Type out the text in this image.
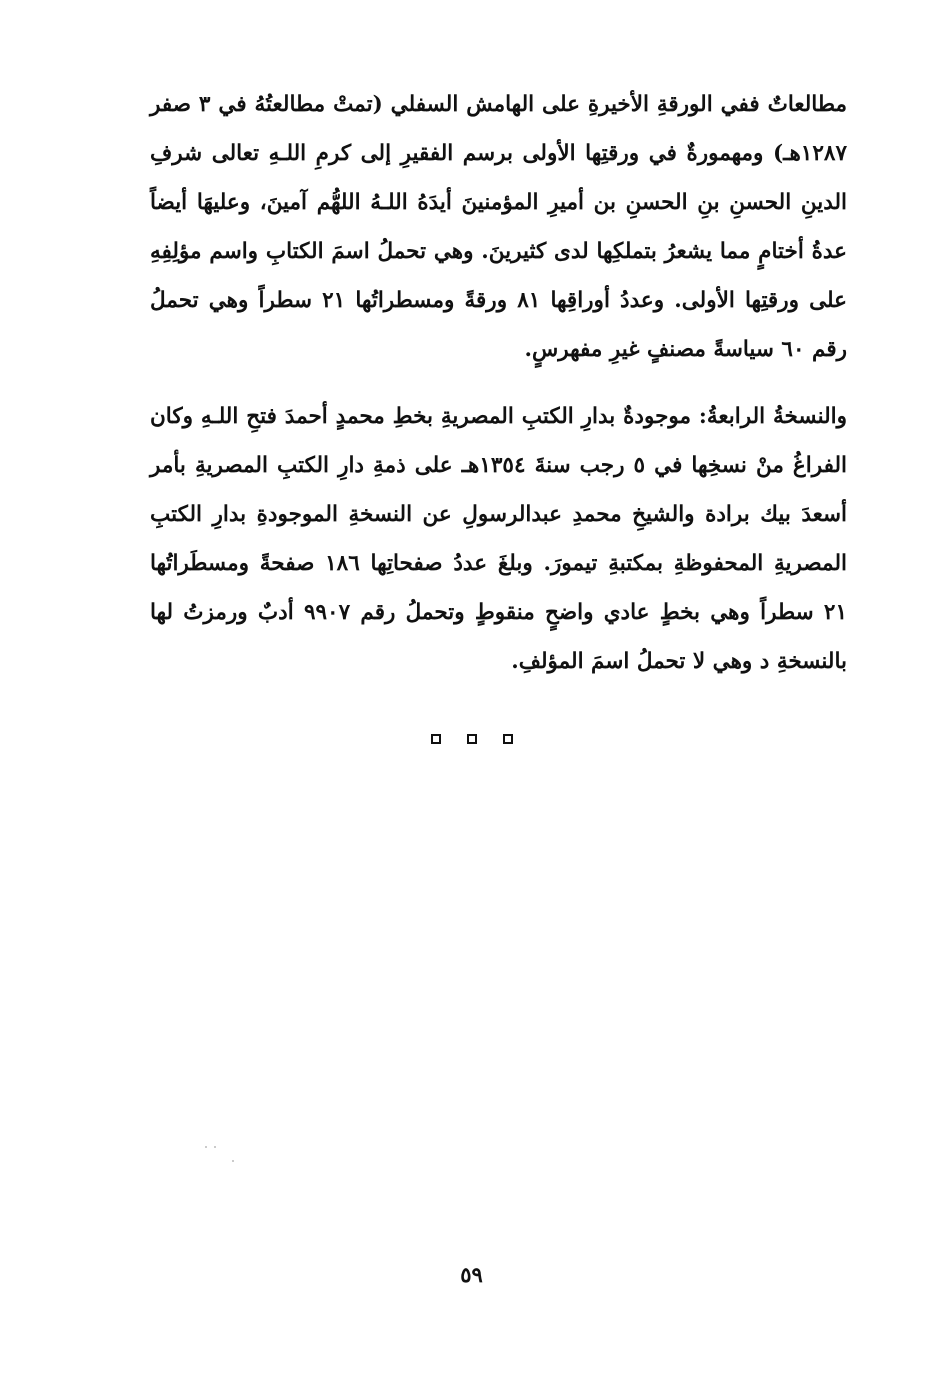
مطالعاتٌ ففي الورقةِ الأخيرةِ على الهامش السفلي (تمتْ مطالعتُهُ في ٣ صفر ١٢٨٧هـ) ومهمورةٌ في ورقتِها الأولى برسم الفقيرِ إلى كرمِ اللـهِ تعالى شرفِ الدينِ الحسنِ بنِ الحسنِ بن أميرِ المؤمنينَ أيدَهُ اللـهُ اللهُّم آمينَ، وعليهَا أيضاً عدةُ أختامٍ مما يشعرُ بتملكِها لدى كثيرينَ. وهي تحملُ اسمَ الكتابِ واسم مؤلِفِهِ على ورقتِها الأولى. وعددُ أوراقِها ٨١ ورقةً ومسطراتُها ٢١ سطراً وهي تحملُ رقم ٦٠ سياسةً مصنفٍ غيرِ مفهرسٍ.

والنسخةُ الرابعةُ: موجودةٌ بدارِ الكتبِ المصريةِ بخطِ محمدٍ أحمدَ فتحِ اللـهِ وكان الفراغُ منْ نسخِها في ٥ رجب سنةَ ١٣٥٤هـ على ذمةِ دارِ الكتبِ المصريةِ بأمر أسعدَ بيك برادة والشيخِ محمدِ عبدالرسولِ عن النسخةِ الموجودةِ بدارِ الكتبِ المصريةِ المحفوظةِ بمكتبةِ تيمورَ. وبلغَ عددُ صفحاتِها ١٨٦ صفحةً ومسطَراتُها ٢١ سطراً وهي بخطٍ عادي واضحٍ منقوطٍ وتحملُ رقم ٩٩٠٧ أدبٌ ورمزتُ لها بالنسخةِ د وهي لا تحملُ اسمَ المؤلفِ.

٥٩
